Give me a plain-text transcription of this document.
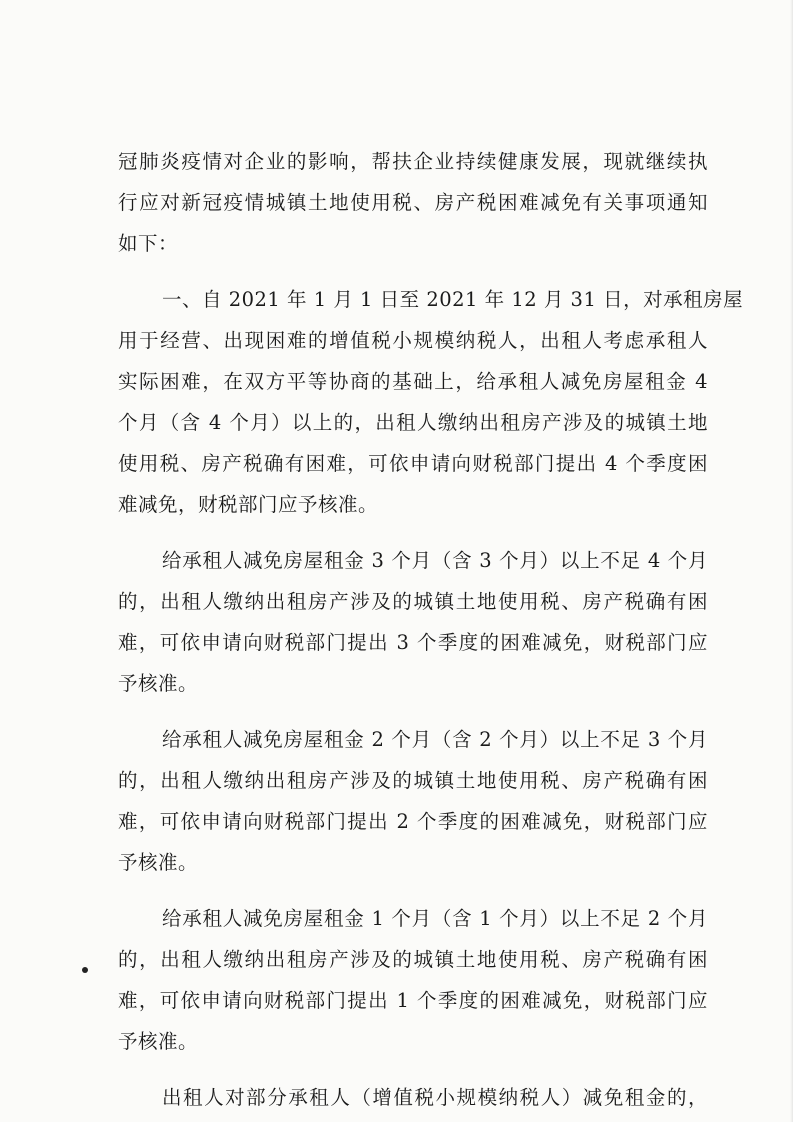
冠肺炎疫情对企业的影响，帮扶企业持续健康发展，现就继续执
行应对新冠疫情城镇土地使用税、房产税困难减免有关事项通知
如下：
一、自 2021 年 1 月 1 日至 2021 年 12 月 31 日，对承租房屋
用于经营、出现困难的增值税小规模纳税人，出租人考虑承租人
实际困难，在双方平等协商的基础上，给承租人减免房屋租金 4
个月（含 4 个月）以上的，出租人缴纳出租房产涉及的城镇土地
使用税、房产税确有困难，可依申请向财税部门提出 4 个季度困
难减免，财税部门应予核准。
给承租人减免房屋租金 3 个月（含 3 个月）以上不足 4 个月
的，出租人缴纳出租房产涉及的城镇土地使用税、房产税确有困
难，可依申请向财税部门提出 3 个季度的困难减免，财税部门应
予核准。
给承租人减免房屋租金 2 个月（含 2 个月）以上不足 3 个月
的，出租人缴纳出租房产涉及的城镇土地使用税、房产税确有困
难，可依申请向财税部门提出 2 个季度的困难减免，财税部门应
予核准。
给承租人减免房屋租金 1 个月（含 1 个月）以上不足 2 个月
的，出租人缴纳出租房产涉及的城镇土地使用税、房产税确有困
难，可依申请向财税部门提出 1 个季度的困难减免，财税部门应
予核准。
出租人对部分承租人（增值税小规模纳税人）减免租金的，
